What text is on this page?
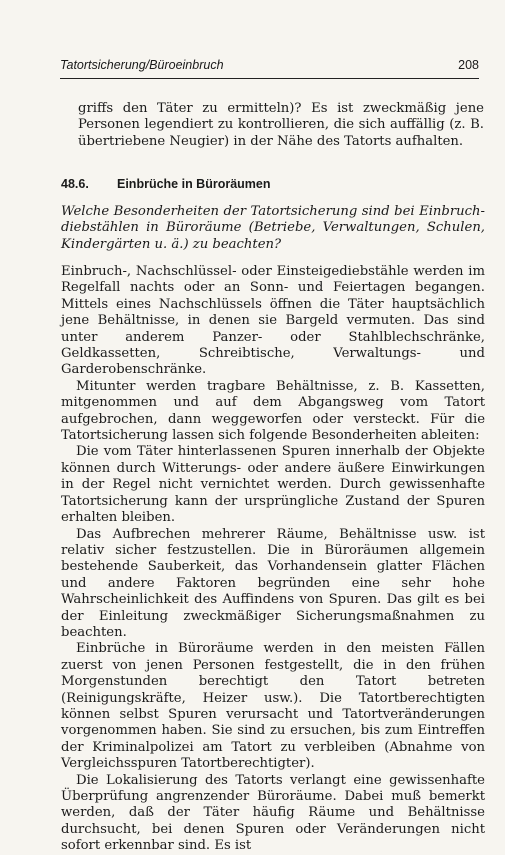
Tatortsicherung/Büroeinbruch	208
griffs den Täter zu ermitteln)? Es ist zweckmäßig jene Personen legendiert zu kontrollieren, die sich auffällig (z. B. übertriebene Neugier) in der Nähe des Tatorts aufhalten.
48.6. Einbrüche in Büroräumen
Welche Besonderheiten der Tatortsicherung sind bei Einbruchdiebstählen in Büroräume (Betriebe, Verwaltungen, Schulen, Kindergärten u. ä.) zu beachten?

Einbruch-, Nachschlüssel- oder Einsteigediebstähle werden im Regelfall nachts oder an Sonn- und Feiertagen begangen. Mittels eines Nachschlüssels öffnen die Täter hauptsächlich jene Behältnisse, in denen sie Bargeld vermuten. Das sind unter anderem Panzer- oder Stahlblechschränke, Geldkassetten, Schreibtische, Verwaltungs- und Garderobenschränke.

Mitunter werden tragbare Behältnisse, z. B. Kassetten, mitgenommen und auf dem Abgangsweg vom Tatort aufgebrochen, dann weggeworfen oder versteckt. Für die Tatortsicherung lassen sich folgende Besonderheiten ableiten:

Die vom Täter hinterlassenen Spuren innerhalb der Objekte können durch Witterungs- oder andere äußere Einwirkungen in der Regel nicht vernichtet werden. Durch gewissenhafte Tatortsicherung kann der ursprüngliche Zustand der Spuren erhalten bleiben.

Das Aufbrechen mehrerer Räume, Behältnisse usw. ist relativ sicher festzustellen. Die in Büroräumen allgemein bestehende Sauberkeit, das Vorhandensein glatter Flächen und andere Faktoren begründen eine sehr hohe Wahrscheinlichkeit des Auffindens von Spuren. Das gilt es bei der Einleitung zweckmäßiger Sicherungsmaßnahmen zu beachten.

Einbrüche in Büroräume werden in den meisten Fällen zuerst von jenen Personen festgestellt, die in den frühen Morgenstunden berechtigt den Tatort betreten (Reinigungskräfte, Heizer usw.). Die Tatortberechtigten können selbst Spuren verursacht und Tatortveränderungen vorgenommen haben. Sie sind zu ersuchen, bis zum Eintreffen der Kriminalpolizei am Tatort zu verbleiben (Abnahme von Vergleichsspuren Tatortberechtigter).

Die Lokalisierung des Tatorts verlangt eine gewissenhafte Überprüfung angrenzender Büroräume. Dabei muß bemerkt werden, daß der Täter häufig Räume und Behältnisse durchsucht, bei denen Spuren oder Veränderungen nicht sofort erkennbar sind. Es ist
